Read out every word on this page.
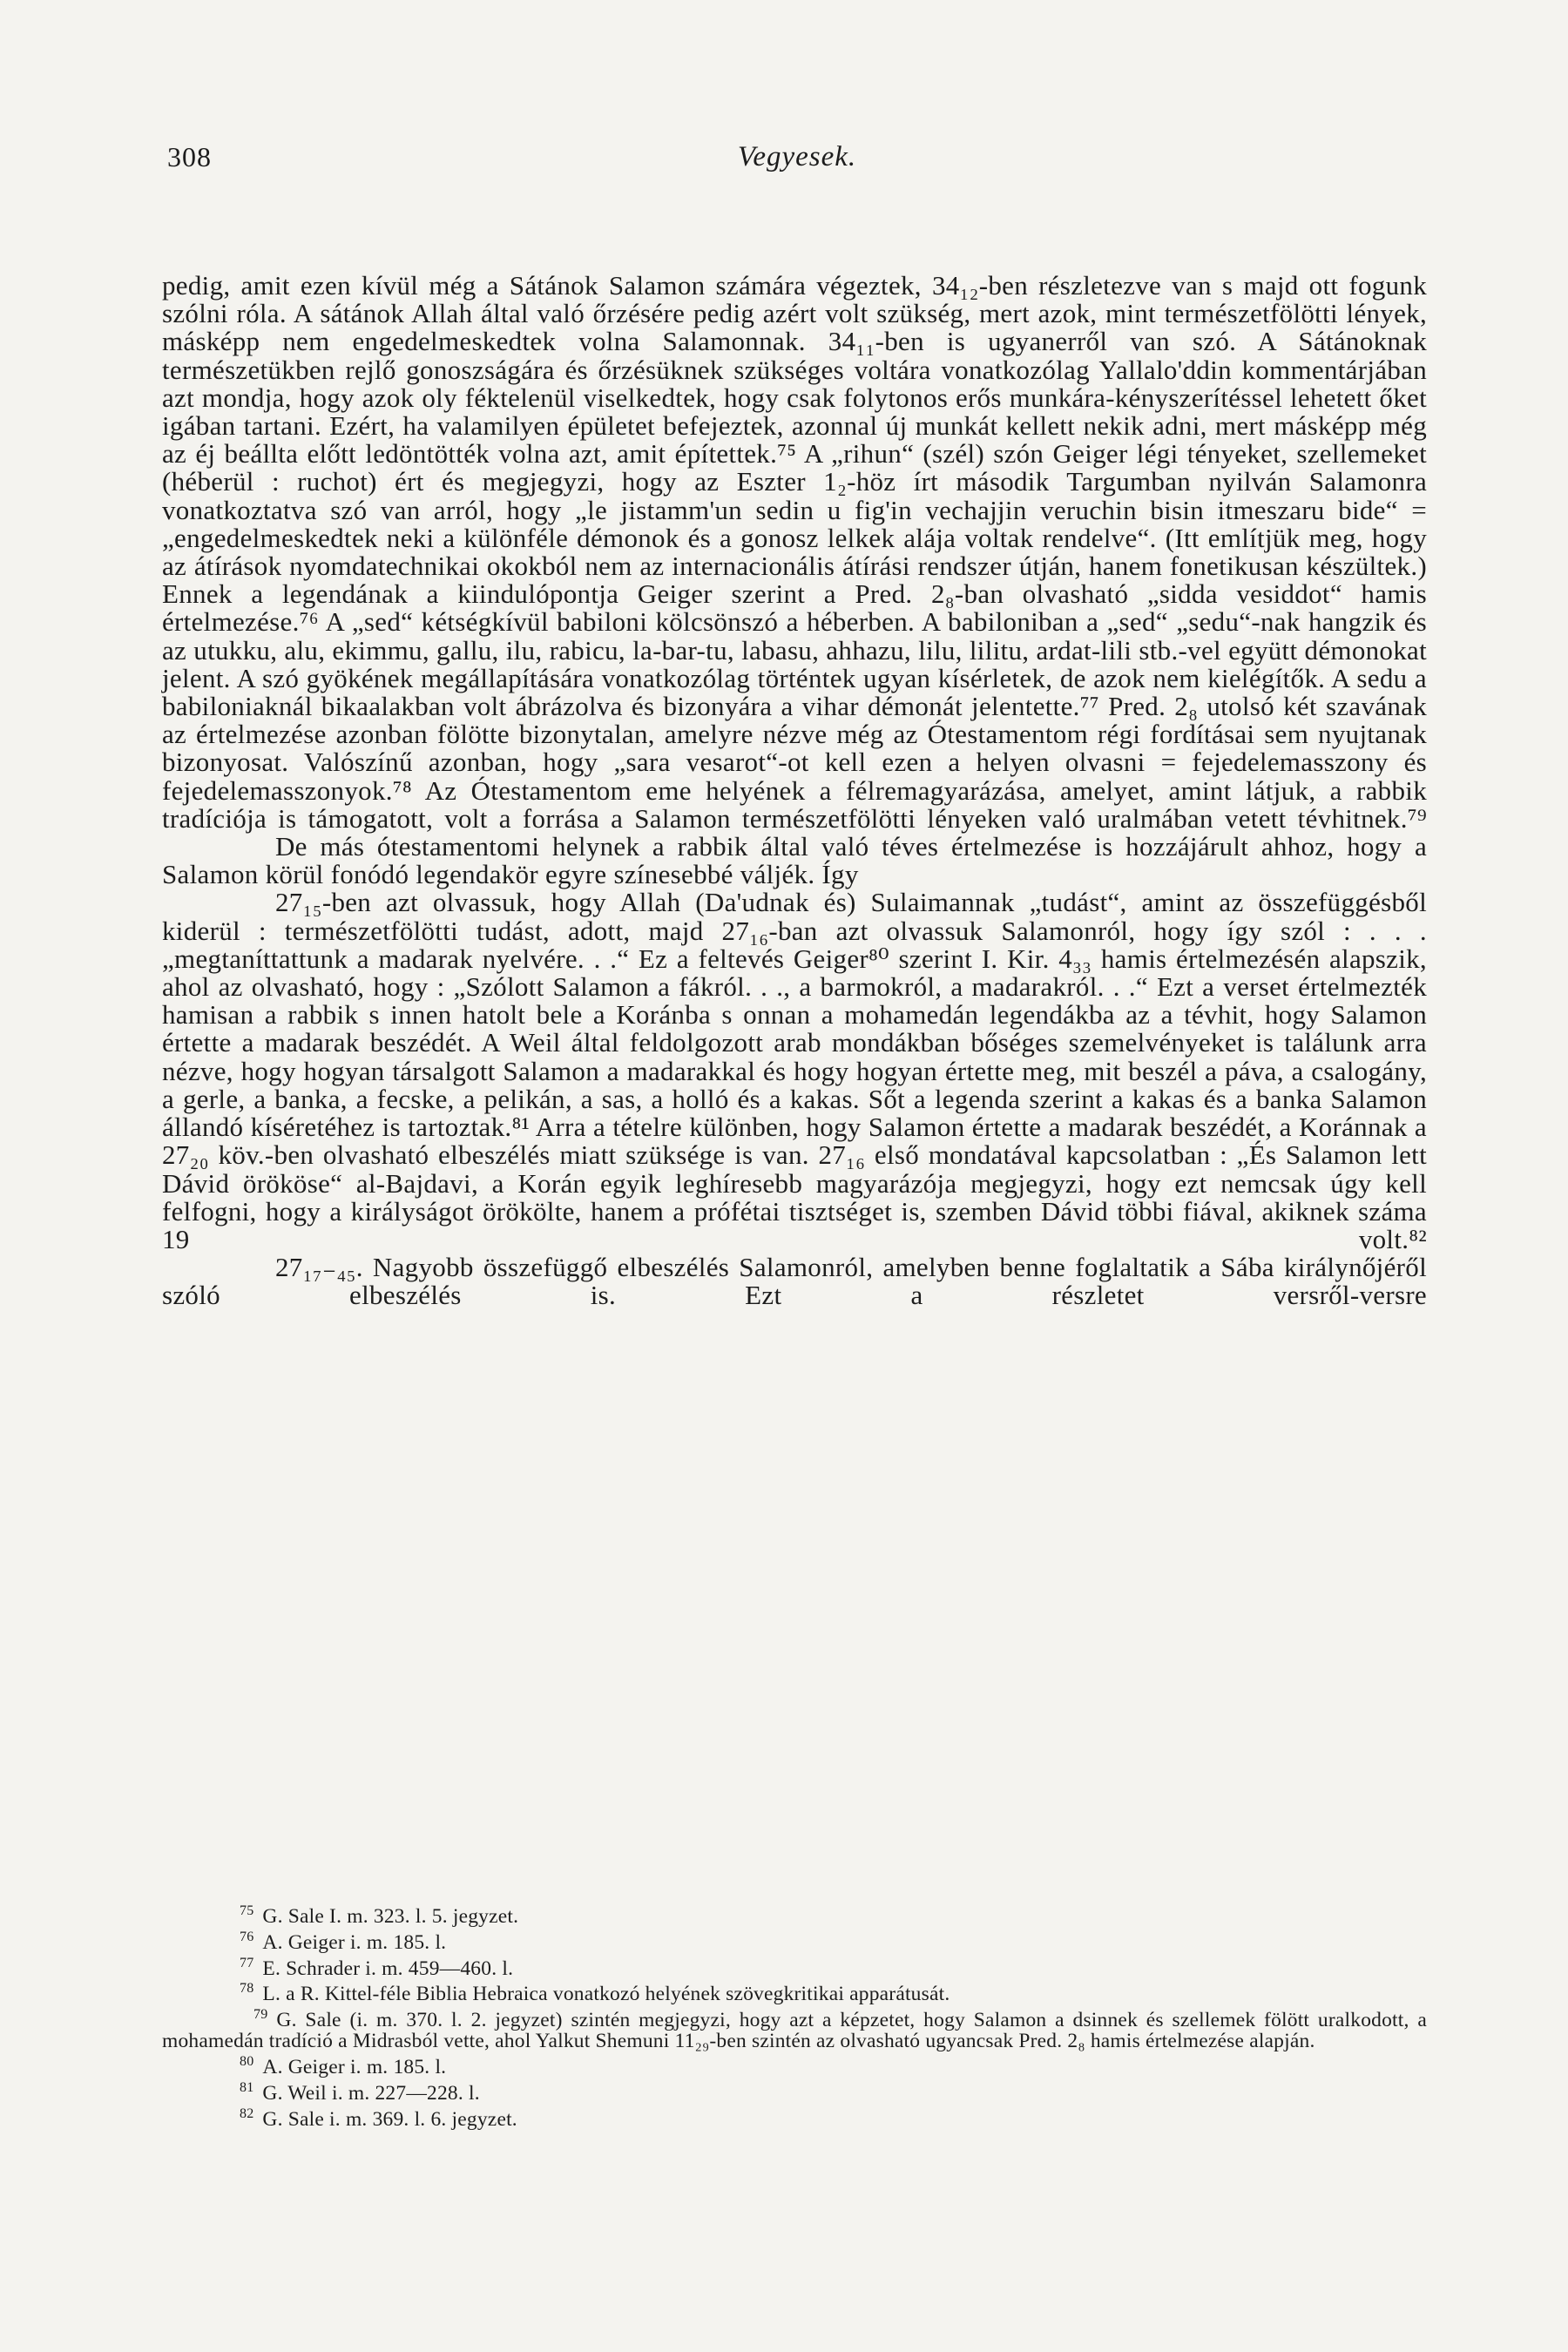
308	Vegyesek.

pedig, amit ezen kívül még a Sátánok Salamon számára végeztek, 34₁₂-ben részletezve van s majd ott fogunk szólni róla. A sátánok Allah által való őrzésére pedig azért volt szükség, mert azok, mint természetfölötti lények, másképp nem engedelmeskedtek volna Salamonnak. 34₁₁-ben is ugyanerről van szó. A Sátánoknak természetükben rejlő gonoszságára és őrzésüknek szükséges voltára vonatkozólag Yallalo'ddin kommentárjában azt mondja, hogy azok oly féktelenül viselkedtek, hogy csak folytonos erős munkára-kényszerítéssel lehetett őket igában tartani. Ezért, ha valamilyen épületet befejeztek, azonnal új munkát kellett nekik adni, mert másképp még az éj beállta előtt ledöntötték volna azt, amit építettek.⁷⁵ A „rihun“ (szél) szón Geiger légi tényeket, szellemeket (héberül : ruchot) ért és megjegyzi, hogy az Eszter 1₂-höz írt második Targumban nyilván Salamonra vonatkoztatva szó van arról, hogy „le jistamm'un sedin u fig'in vechajjin veruchin bisin itmeszaru bide“ = „engedelmeskedtek neki a különféle démonok és a gonosz lelkek alája voltak rendelve“. (Itt említjük meg, hogy az átírások nyomdatechnikai okokból nem az internacionális átírási rendszer útján, hanem fonetikusan készültek.) Ennek a legendának a kiindulópontja Geiger szerint a Pred. 2₈-ban olvasható „sidda vesiddot“ hamis értelmezése.⁷⁶ A „sed“ kétségkívül babiloni kölcsönszó a héberben. A babiloniban a „sed“ „sedu“-nak hangzik és az utukku, alu, ekimmu, gallu, ilu, rabicu, la-bar-tu, labasu, ahhazu, lilu, lilitu, ardat-lili stb.-vel együtt démonokat jelent. A szó gyökének megállapítására vonatkozólag történtek ugyan kísérletek, de azok nem kielégítők. A sedu a babiloniaknál bikaalakban volt ábrázolva és bizonyára a vihar démonát jelentette.⁷⁷ Pred. 2₈ utolsó két szavának az értelmezése azonban fölötte bizonytalan, amelyre nézve még az Ótestamentom régi fordításai sem nyujtanak bizonyosat. Valószínű azonban, hogy „sara vesarot“-ot kell ezen a helyen olvasni = fejedelemasszony és fejedelemasszonyok.⁷⁸ Az Ótestamentom eme helyének a félremagyarázása, amelyet, amint látjuk, a rabbik tradíciója is támogatott, volt a forrása a Salamon természetfölötti lényeken való uralmában vetett tévhitnek.⁷⁹

De más ótestamentomi helynek a rabbik által való téves értelmezése is hozzájárult ahhoz, hogy a Salamon körül fonódó legendakör egyre színesebbé váljék. Így

27₁₅-ben azt olvassuk, hogy Allah (Da'udnak és) Sulaimannak „tudást“, amint az összefüggésből kiderül : természetfölötti tudást, adott, majd 27₁₆-ban azt olvassuk Salamonról, hogy így szól : . . . „megtaníttattunk a madarak nyelvére. . .“ Ez a feltevés Geiger⁸⁰ szerint I. Kir. 4₃₃ hamis értelmezésén alapszik, ahol az olvasható, hogy : „Szólott Salamon a fákról. . ., a barmokról, a madarakról. . .“ Ezt a verset értelmezték hamisan a rabbik s innen hatolt bele a Koránba s onnan a mohamedán legendákba az a tévhit, hogy Salamon értette a madarak beszédét. A Weil által feldolgozott arab mondákban bőséges szemelvényeket is találunk arra nézve, hogy hogyan társalgott Salamon a madarakkal és hogy hogyan értette meg, mit beszél a páva, a csalogány, a gerle, a banka, a fecske, a pelikán, a sas, a holló és a kakas. Sőt a legenda szerint a kakas és a banka Salamon állandó kíséretéhez is tartoztak.⁸¹ Arra a tételre különben, hogy Salamon értette a madarak beszédét, a Koránnak a 27₂₀ köv.-ben olvasható elbeszélés miatt szüksége is van. 27₁₆ első mondatával kapcsolatban : „És Salamon lett Dávid örököse“ al-Bajdavi, a Korán egyik leghíresebb magyarázója megjegyzi, hogy ezt nemcsak úgy kell felfogni, hogy a királyságot örökölte, hanem a prófétai tisztséget is, szemben Dávid többi fiával, akiknek száma 19 volt.⁸²

27₁₇₋₄₅. Nagyobb összefüggő elbeszélés Salamonról, amelyben benne foglaltatik a Sába királynőjéről szóló elbeszélés is. Ezt a részletet versről-versre

$^{75}$ G. Sale I. m. 323. l. 5. jegyzet.

$^{76}$ A. Geiger i. m. 185. l.

$^{77}$ E. Schrader i. m. 459—460. l.

$^{78}$ L. a R. Kittel-féle Biblia Hebraica vonatkozó helyének szövegkritikai apparátusát.

$^{79}$ G. Sale (i. m. 370. l. 2. jegyzet) szintén megjegyzi, hogy azt a képzetet, hogy Salamon a dsinnek és szellemek fölött uralkodott, a mohamedán tradíció a Midrasból vette, ahol Yalkut Shemuni 11₂₉-ben szintén az olvasható ugyancsak Pred. 2₈ hamis értelmezése alapján.

$^{80}$ A. Geiger i. m. 185. l.

$^{81}$ G. Weil i. m. 227—228. l.

$^{82}$ G. Sale i. m. 369. l. 6. jegyzet.
